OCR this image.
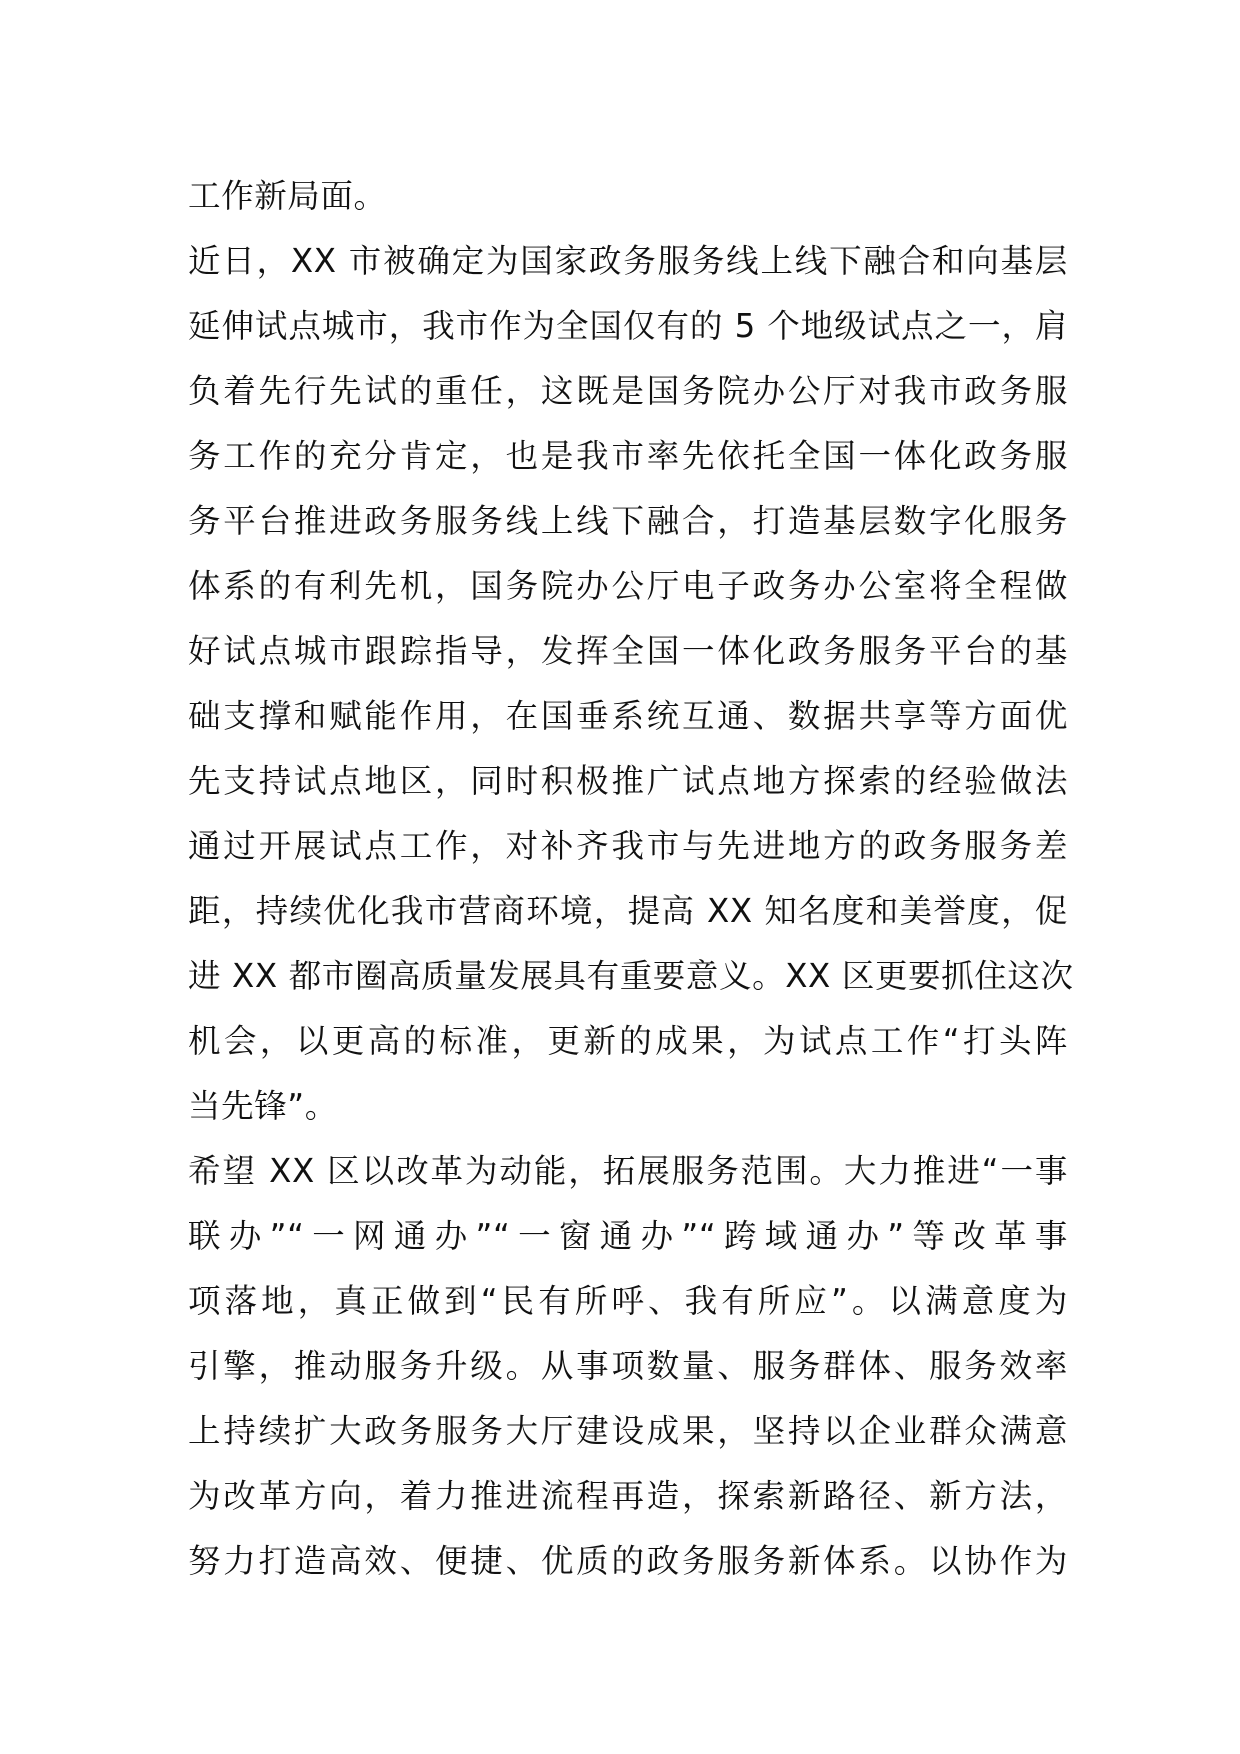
工作新局面。
近日，XX 市被确定为国家政务服务线上线下融合和向基层
延伸试点城市，我市作为全国仅有的 5 个地级试点之一，肩
负着先行先试的重任，这既是国务院办公厅对我市政务服
务工作的充分肯定，也是我市率先依托全国一体化政务服
务平台推进政务服务线上线下融合，打造基层数字化服务
体系的有利先机，国务院办公厅电子政务办公室将全程做
好试点城市跟踪指导，发挥全国一体化政务服务平台的基
础支撑和赋能作用，在国垂系统互通、数据共享等方面优
先支持试点地区，同时积极推广试点地方探索的经验做法
通过开展试点工作，对补齐我市与先进地方的政务服务差
距，持续优化我市营商环境，提高 XX 知名度和美誉度，促
进 XX 都市圈高质量发展具有重要意义。XX 区更要抓住这次
机会，以更高的标准，更新的成果，为试点工作“打头阵
当先锋”。
希望 XX 区以改革为动能，拓展服务范围。大力推进“一事
联办”“一网通办”“一窗通办”“跨域通办”等改革事
项落地，真正做到“民有所呼、我有所应”。以满意度为
引擎，推动服务升级。从事项数量、服务群体、服务效率
上持续扩大政务服务大厅建设成果，坚持以企业群众满意
为改革方向，着力推进流程再造，探索新路径、新方法，
努力打造高效、便捷、优质的政务服务新体系。以协作为
